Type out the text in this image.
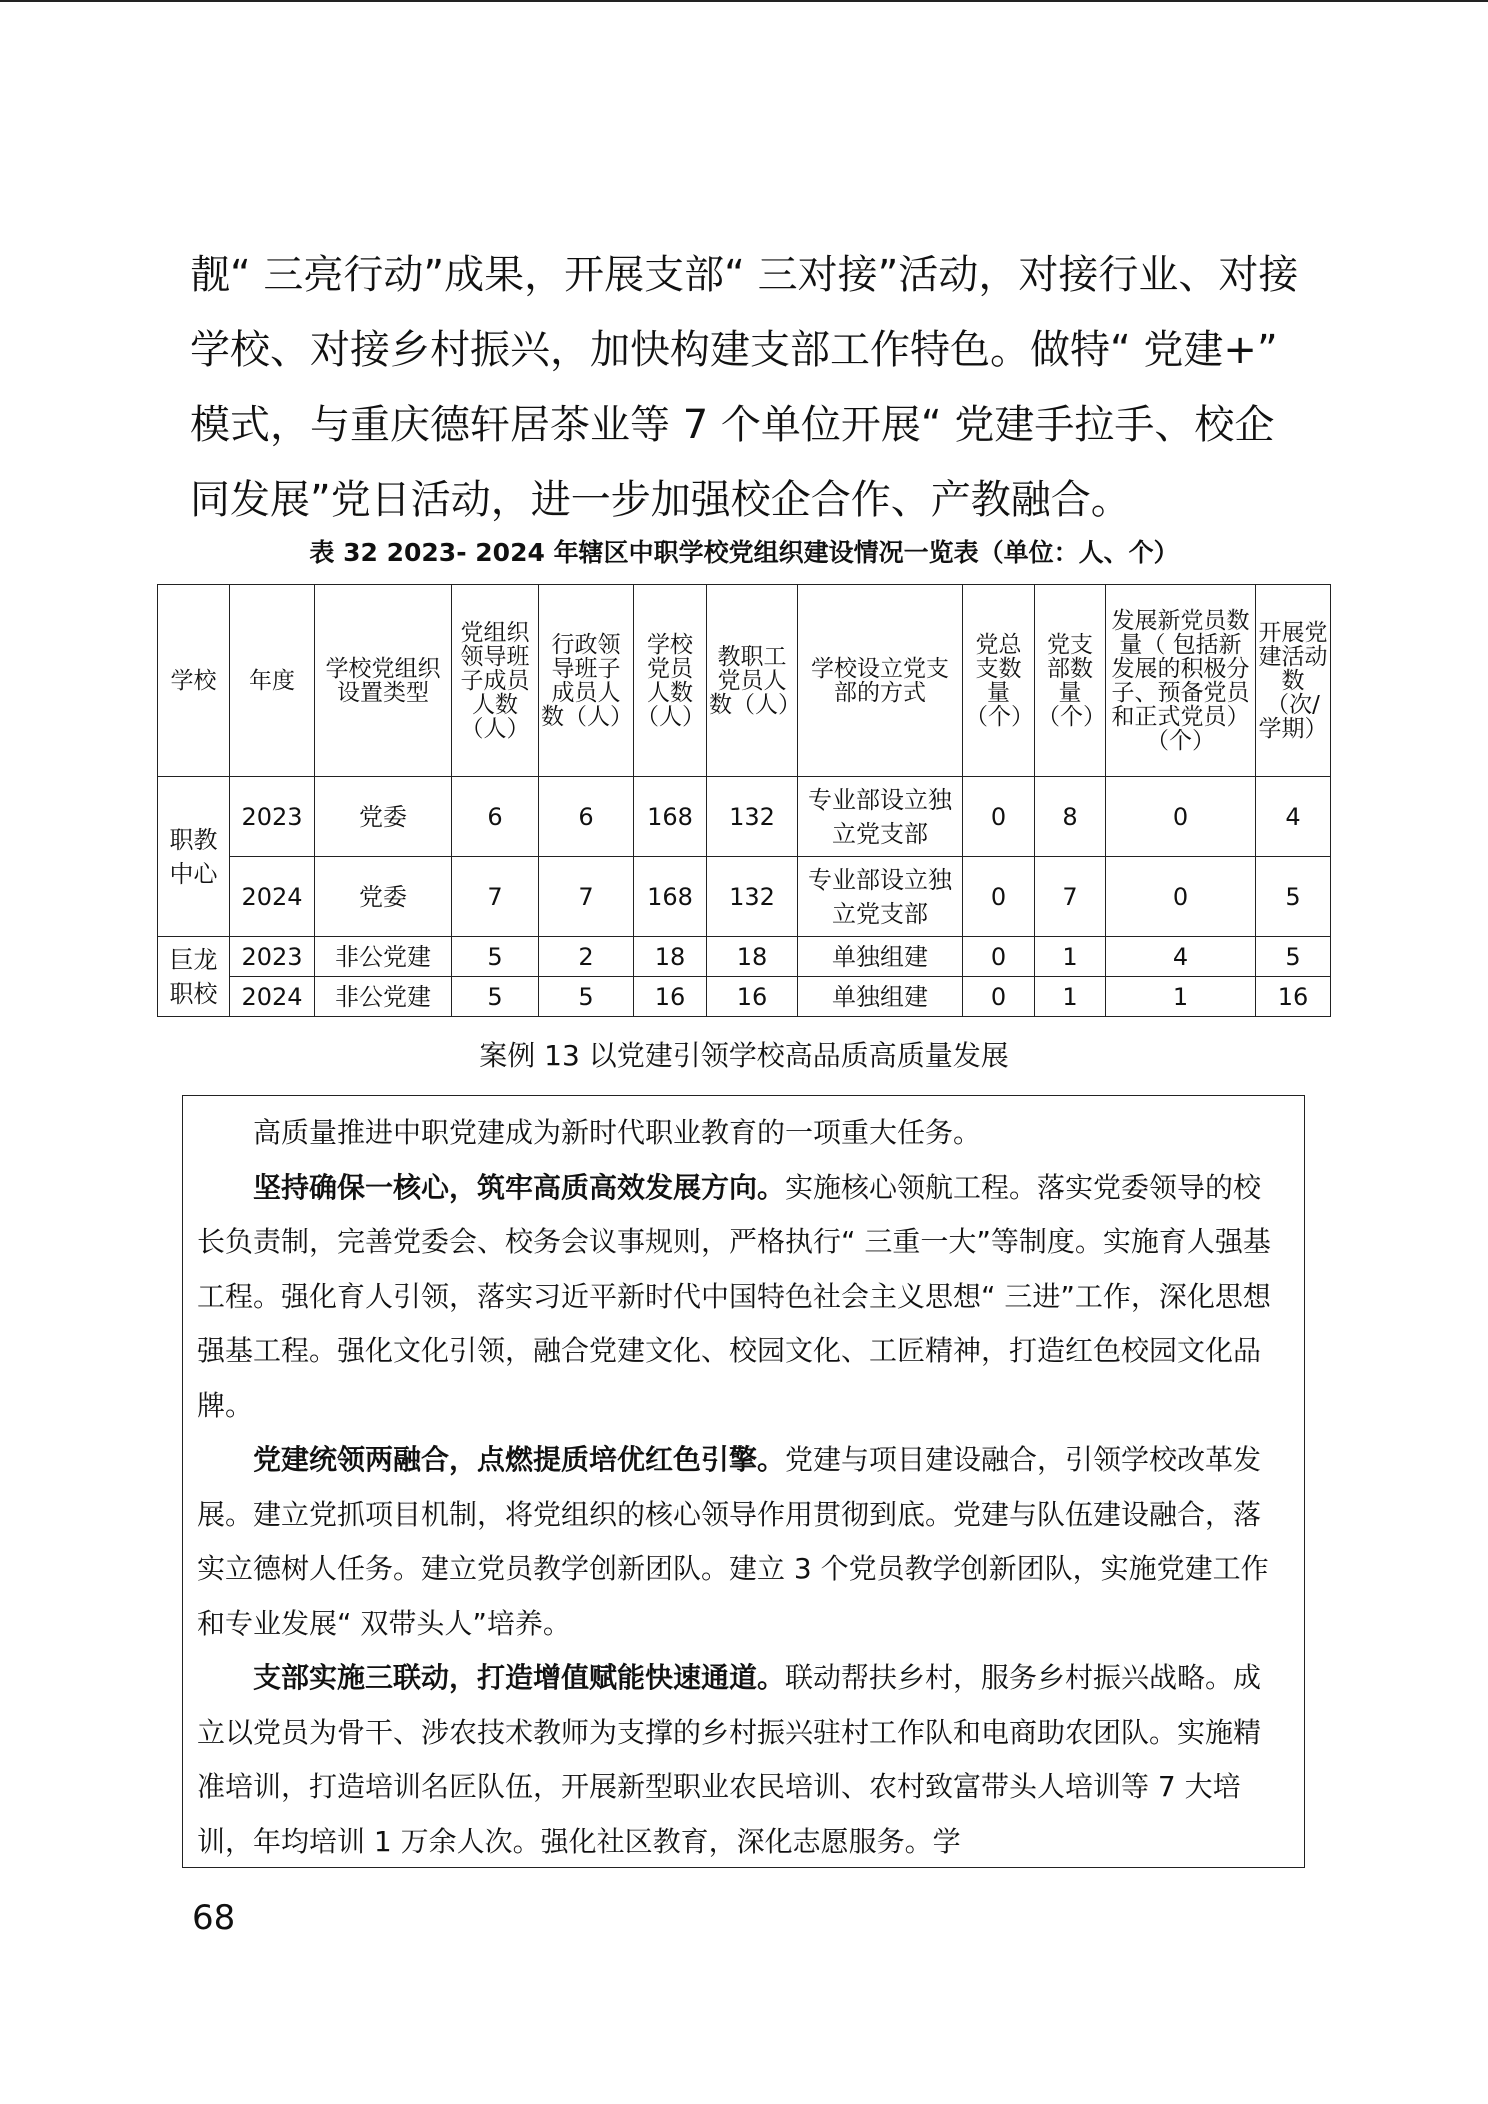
靓“ 三亮行动”成果，开展支部“ 三对接”活动，对接行业、对接学校、对接乡村振兴，加快构建支部工作特色。做特“ 党建+” 模式，与重庆德轩居茶业等 7 个单位开展“ 党建手拉手、校企同发展”党日活动，进一步加强校企合作、产教融合。

表 32 2023- 2024 年辖区中职学校党组织建设情况一览表（单位：人、个）
学校	年度	学校党组织设置类型	党组织领导班子成员人数（人）	行政领导班子成员人数（人）	学校党员人数（人）	教职工党员人数（人）	学校设立党支部的方式	党总支数量（个）	党支部数量（个）	发展新党员数量（ 包括新发展的积极分子、预备党员和正式党员）（个）	开展党建活动数（次/学期）
职教中心	2023	党委	6	6	168	132	专业部设立独立党支部	0	8	0	4
	2024	党委	7	7	168	132	专业部设立独立党支部	0	7	0	5
巨龙职校	2023	非公党建	5	2	18	18	单独组建	0	1	4	5
	2024	非公党建	5	5	16	16	单独组建	0	1	1	16
案例 13 以党建引领学校高品质高质量发展

高质量推进中职党建成为新时代职业教育的一项重大任务。

坚持确保一核心，筑牢高质高效发展方向。实施核心领航工程。落实党委领导的校长负责制，完善党委会、校务会议事规则，严格执行“ 三重一大”等制度。实施育人强基工程。强化育人引领，落实习近平新时代中国特色社会主义思想“ 三进”工作，深化思想强基工程。强化文化引领，融合党建文化、校园文化、工匠精神，打造红色校园文化品牌。

党建统领两融合，点燃提质培优红色引擎。党建与项目建设融合，引领学校改革发展。建立党抓项目机制，将党组织的核心领导作用贯彻到底。党建与队伍建设融合，落实立德树人任务。建立党员教学创新团队。建立 3 个党员教学创新团队，实施党建工作和专业发展“ 双带头人”培养。

支部实施三联动，打造增值赋能快速通道。联动帮扶乡村，服务乡村振兴战略。成立以党员为骨干、涉农技术教师为支撑的乡村振兴驻村工作队和电商助农团队。实施精准培训，打造培训名匠队伍，开展新型职业农民培训、农村致富带头人培训等 7 大培训，年均培训 1 万余人次。强化社区教育，深化志愿服务。学

68
